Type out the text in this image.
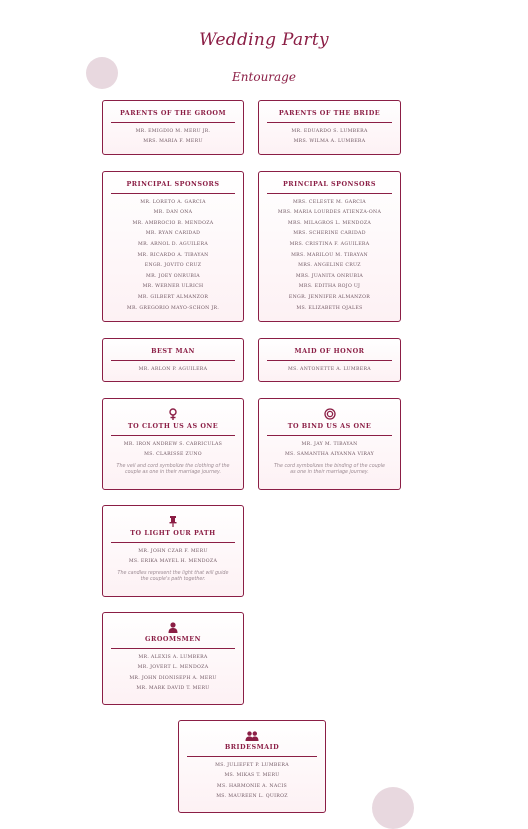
Wedding Party
Entourage
PARENTS OF THE GROOM
MR. EMIGDIO M. MERU JR.
MRS. MARIA F. MERU
PARENTS OF THE BRIDE
MR. EDUARDO S. LUMBERA
MRS. WILMA A. LUMBERA
PRINCIPAL SPONSORS
MR. LORETO A. GARCIA
MR. DAN ONA
MR. AMBROCIO B. MENDOZA
MR. RYAN CARIDAD
MR. ARNOL D. AGUILERA
MR. RICARDO A. TIBAYAN
ENGR. JOVITO CRUZ
MR. JOEY ONRUBIA
MR. WERNER ULRICH
MR. GILBERT ALMANZOR
MR. GREGORIO MAYO-SCHON JR.
PRINCIPAL SPONSORS
MRS. CELESTE M. GARCIA
MRS. MARIA LOURDES ATIENZA-ONA
MRS. MILAGROS L. MENDOZA
MRS. SCHERINE CARIDAD
MRS. CRISTINA F. AGUILERA
MRS. MARILOU M. TIBAYAN
MRS. ANGELINE CRUZ
MRS. JUANITA ONRUBIA
MRS. EDITHA ROJO UJ
ENGR. JENNIFER ALMANZOR
MS. ELIZABETH OJALES
BEST MAN
MR. ARLON P. AGUILERA
MAID OF HONOR
MS. ANTONETTE A. LUMBERA
TO CLOTH US AS ONE
MR. IRON ANDREW S. CABRICULAS
MS. CLARISSE ZUNO
The veil and cord symbolize the clothing of the couple as one in their marriage journey.
TO BIND US AS ONE
MR. JAY M. TIBAYAN
MS. SAMANTHA AIYANNA VIRAY
The cord symbolizes the binding of the couple as one in their marriage journey.
TO LIGHT OUR PATH
MR. JOHN CZAR F. MERU
MS. ERIKA MAYEL H. MENDOZA
The candles represent the light that will guide the couple's path together.
GROOMSMEN
MR. ALEXIS A. LUMBERA
MR. JOVERT L. MENDOZA
MR. JOHN DIONISEPH A. MERU
MR. MARK DAVID T. MERU
BRIDESMAID
MS. JULIEFET P. LUMBERA
MS. MIKAS T. MERU
MS. HARMONIE A. NACIS
MS. MAUREEN L. QUIROZ
